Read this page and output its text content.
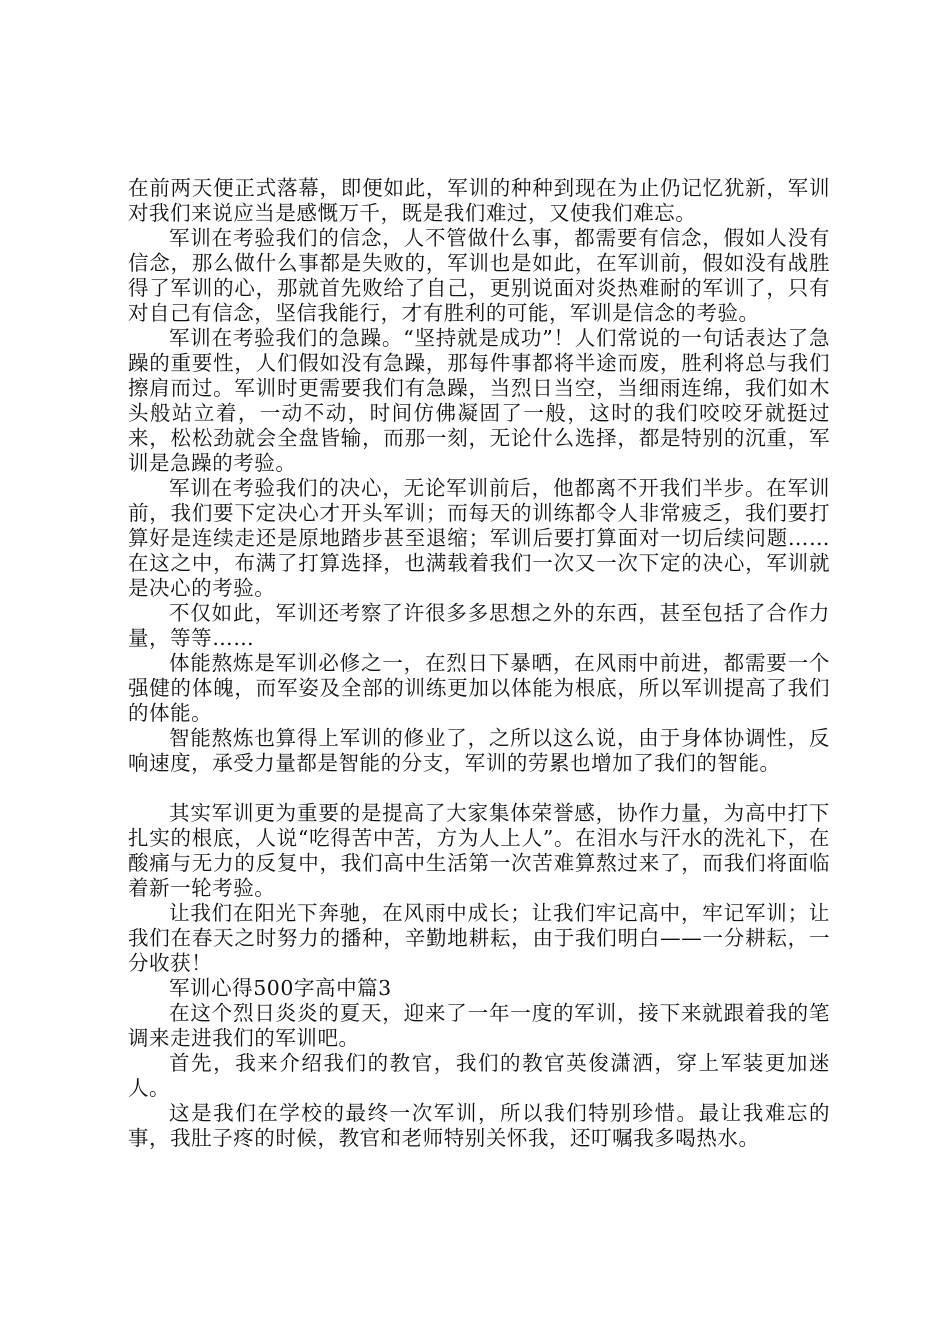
在前两天便正式落幕，即便如此，军训的种种到现在为止仍记忆犹新，军训对我们来说应当是感慨万千，既是我们难过，又使我们难忘。

军训在考验我们的信念，人不管做什么事，都需要有信念，假如人没有信念，那么做什么事都是失败的，军训也是如此，在军训前，假如没有战胜得了军训的心，那就首先败给了自己，更别说面对炎热难耐的军训了，只有对自己有信念，坚信我能行，才有胜利的可能，军训是信念的考验。

军训在考验我们的急躁。“坚持就是成功”！人们常说的一句话表达了急躁的重要性，人们假如没有急躁，那每件事都将半途而废，胜利将总与我们擦肩而过。军训时更需要我们有急躁，当烈日当空，当细雨连绵，我们如木头般站立着，一动不动，时间仿佛凝固了一般，这时的我们咬咬牙就挺过来，松松劲就会全盘皆输，而那一刻，无论什么选择，都是特别的沉重，军训是急躁的考验。

军训在考验我们的决心，无论军训前后，他都离不开我们半步。在军训前，我们要下定决心才开头军训；而每天的训练都令人非常疲乏，我们要打算好是连续走还是原地踏步甚至退缩；军训后要打算面对一切后续问题……在这之中，布满了打算选择，也满载着我们一次又一次下定的决心，军训就是决心的考验。

不仅如此，军训还考察了许很多多思想之外的东西，甚至包括了合作力量，等等……

体能熬炼是军训必修之一，在烈日下暴晒，在风雨中前进，都需要一个强健的体魄，而军姿及全部的训练更加以体能为根底，所以军训提高了我们的体能。

智能熬炼也算得上军训的修业了，之所以这么说，由于身体协调性，反响速度，承受力量都是智能的分支，军训的劳累也增加了我们的智能。

其实军训更为重要的是提高了大家集体荣誉感，协作力量，为高中打下扎实的根底，人说“吃得苦中苦，方为人上人”。在泪水与汗水的洗礼下，在酸痛与无力的反复中，我们高中生活第一次苦难算熬过来了，而我们将面临着新一轮考验。

让我们在阳光下奔驰，在风雨中成长；让我们牢记高中，牢记军训；让我们在春天之时努力的播种，辛勤地耕耘，由于我们明白——一分耕耘，一分收获！

军训心得500字高中篇3

在这个烈日炎炎的夏天，迎来了一年一度的军训，接下来就跟着我的笔调来走进我们的军训吧。

首先，我来介绍我们的教官，我们的教官英俊潇洒，穿上军装更加迷人。

这是我们在学校的最终一次军训，所以我们特别珍惜。最让我难忘的事，我肚子疼的时候，教官和老师特别关怀我，还叮嘱我多喝热水。
